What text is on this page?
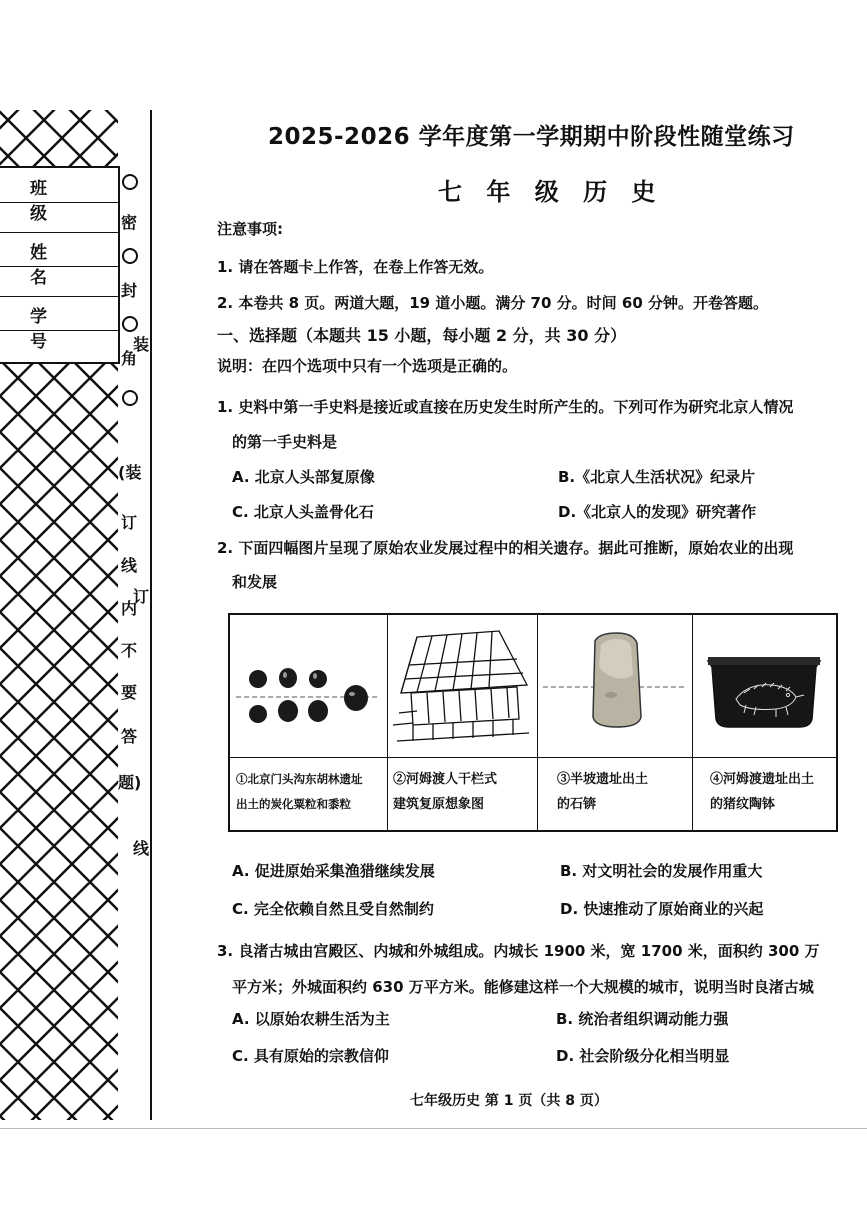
班 级
姓 名
学 号
密
封
角
装
(装
订
线
内
不
要
答
题)
订
线
2025-2026 学年度第一学期期中阶段性随堂练习
七 年 级 历 史
注意事项:
1. 请在答题卡上作答，在卷上作答无效。
2. 本卷共 8 页。两道大题，19 道小题。满分 70 分。时间 60 分钟。开卷答题。
一、选择题（本题共 15 小题，每小题 2 分，共 30 分）
说明：在四个选项中只有一个选项是正确的。
1. 史料中第一手史料是接近或直接在历史发生时所产生的。下列可作为研究北京人情况
的第一手史料是
A. 北京人头部复原像	B.《北京人生活状况》纪录片
C. 北京人头盖骨化石	D.《北京人的发现》研究著作
2. 下面四幅图片呈现了原始农业发展过程中的相关遗存。据此可推断，原始农业的出现
和发展
①北京门头沟东胡林遗址
出土的炭化粟粒和黍粒
②河姆渡人干栏式
建筑复原想象图
③半坡遗址出土
的石锛
④河姆渡遗址出土
的猪纹陶钵
A. 促进原始采集渔猎继续发展	B. 对文明社会的发展作用重大
C. 完全依赖自然且受自然制约	D. 快速推动了原始商业的兴起
3. 良渚古城由宫殿区、内城和外城组成。内城长 1900 米，宽 1700 米，面积约 300 万
平方米；外城面积约 630 万平方米。能修建这样一个大规模的城市，说明当时良渚古城
A. 以原始农耕生活为主	B. 统治者组织调动能力强
C. 具有原始的宗教信仰	D. 社会阶级分化相当明显
七年级历史 第 1 页（共 8 页）
